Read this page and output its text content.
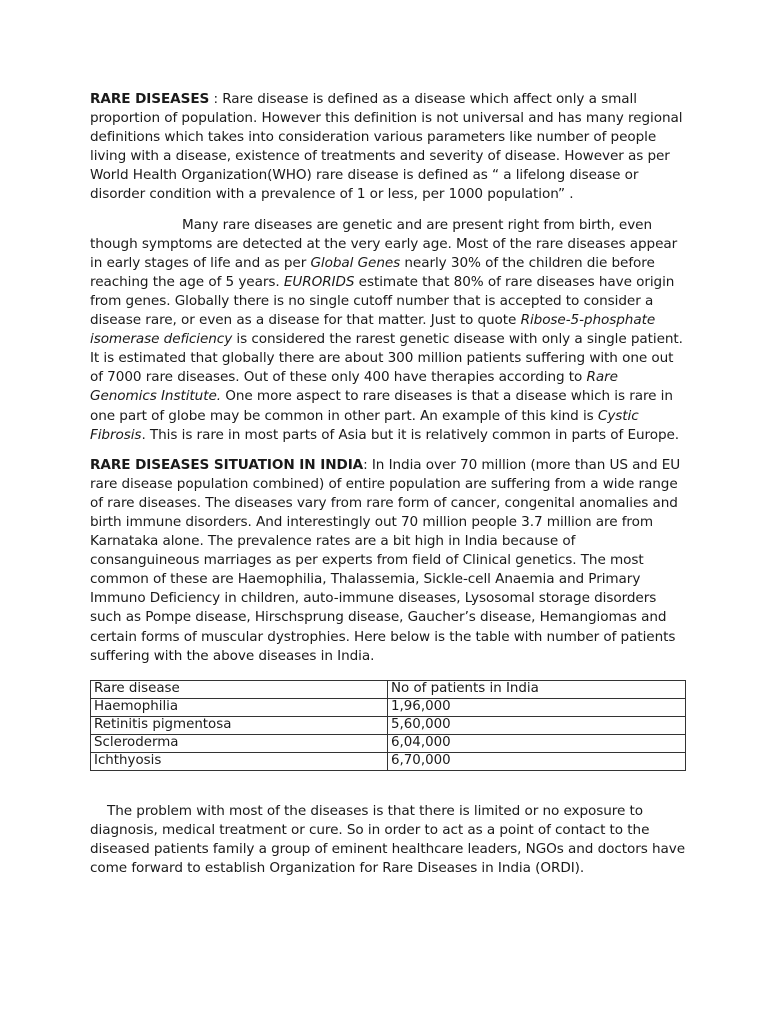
RARE DISEASES : Rare disease is defined as a disease which affect only a small proportion of population. However this definition is not universal and has many regional definitions which takes into consideration various parameters like number of people living with a disease, existence of treatments and severity of disease. However as per World Health Organization(WHO) rare disease is defined as “ a lifelong disease or disorder condition with a prevalence of 1 or less, per 1000 population” .

Many rare diseases are genetic and are present right from birth, even though symptoms are detected at the very early age. Most of the rare diseases appear in early stages of life and as per Global Genes nearly 30% of the children die before reaching the age of 5 years. EURORIDS estimate that 80% of rare diseases have origin from genes. Globally there is no single cutoff number that is accepted to consider a disease rare, or even as a disease for that matter. Just to quote Ribose-5-phosphate isomerase deficiency is considered the rarest genetic disease with only a single patient. It is estimated that globally there are about 300 million patients suffering with one out of 7000 rare diseases. Out of these only 400 have therapies according to Rare Genomics Institute. One more aspect to rare diseases is that a disease which is rare in one part of globe may be common in other part. An example of this kind is Cystic Fibrosis. This is rare in most parts of Asia but it is relatively common in parts of Europe.

RARE DISEASES SITUATION IN INDIA: In India over 70 million (more than US and EU rare disease population combined) of entire population are suffering from a wide range of rare diseases. The diseases vary from rare form of cancer, congenital anomalies and birth immune disorders. And interestingly out 70 million people 3.7 million are from Karnataka alone. The prevalence rates are a bit high in India because of consanguineous marriages as per experts from field of Clinical genetics. The most common of these are Haemophilia, Thalassemia, Sickle-cell Anaemia and Primary Immuno Deficiency in children, auto-immune diseases, Lysosomal storage disorders such as Pompe disease, Hirschsprung disease, Gaucher’s disease, Hemangiomas and certain forms of muscular dystrophies. Here below is the table with number of patients suffering with the above diseases in India.

Rare disease	No of patients in India
Haemophilia	1,96,000
Retinitis pigmentosa	5,60,000
Scleroderma	6,04,000
Ichthyosis	6,70,000

The problem with most of the diseases is that there is limited or no exposure to diagnosis, medical treatment or cure. So in order to act as a point of contact to the diseased patients family a group of eminent healthcare leaders, NGOs and doctors have come forward to establish Organization for Rare Diseases in India (ORDI).
